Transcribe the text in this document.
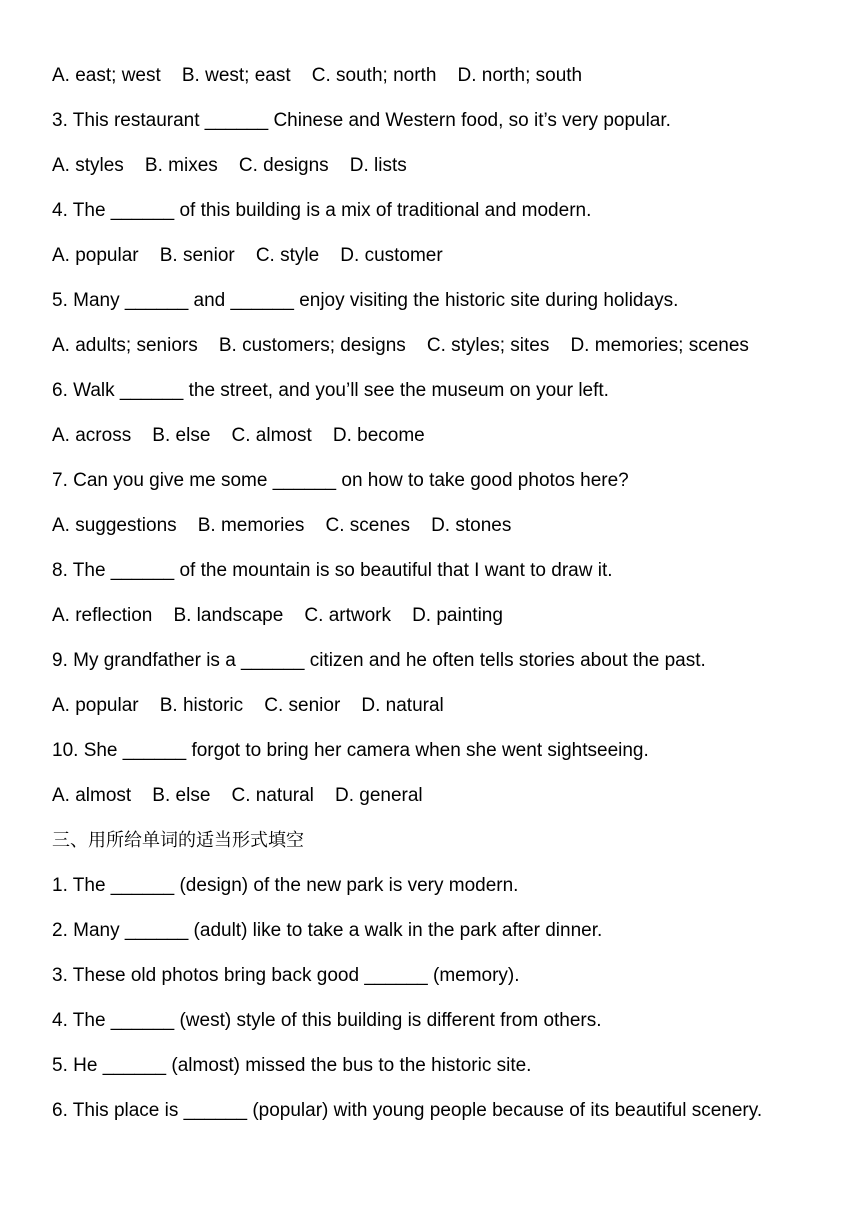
A. east; west    B. west; east    C. south; north    D. north; south
3. This restaurant ______ Chinese and Western food, so it’s very popular.
A. styles    B. mixes    C. designs    D. lists
4. The ______ of this building is a mix of traditional and modern.
A. popular    B. senior    C. style    D. customer
5. Many ______ and ______ enjoy visiting the historic site during holidays.
A. adults; seniors    B. customers; designs    C. styles; sites    D. memories; scenes
6. Walk ______ the street, and you’ll see the museum on your left.
A. across    B. else    C. almost    D. become
7. Can you give me some ______ on how to take good photos here?
A. suggestions    B. memories    C. scenes    D. stones
8. The ______ of the mountain is so beautiful that I want to draw it.
A. reflection    B. landscape    C. artwork    D. painting
9. My grandfather is a ______ citizen and he often tells stories about the past.
A. popular    B. historic    C. senior    D. natural
10. She ______ forgot to bring her camera when she went sightseeing.
A. almost    B. else    C. natural    D. general
三、用所给单词的适当形式填空
1. The ______ (design) of the new park is very modern.
2. Many ______ (adult) like to take a walk in the park after dinner.
3. These old photos bring back good ______ (memory).
4. The ______ (west) style of this building is different from others.
5. He ______ (almost) missed the bus to the historic site.
6. This place is ______ (popular) with young people because of its beautiful scenery.
